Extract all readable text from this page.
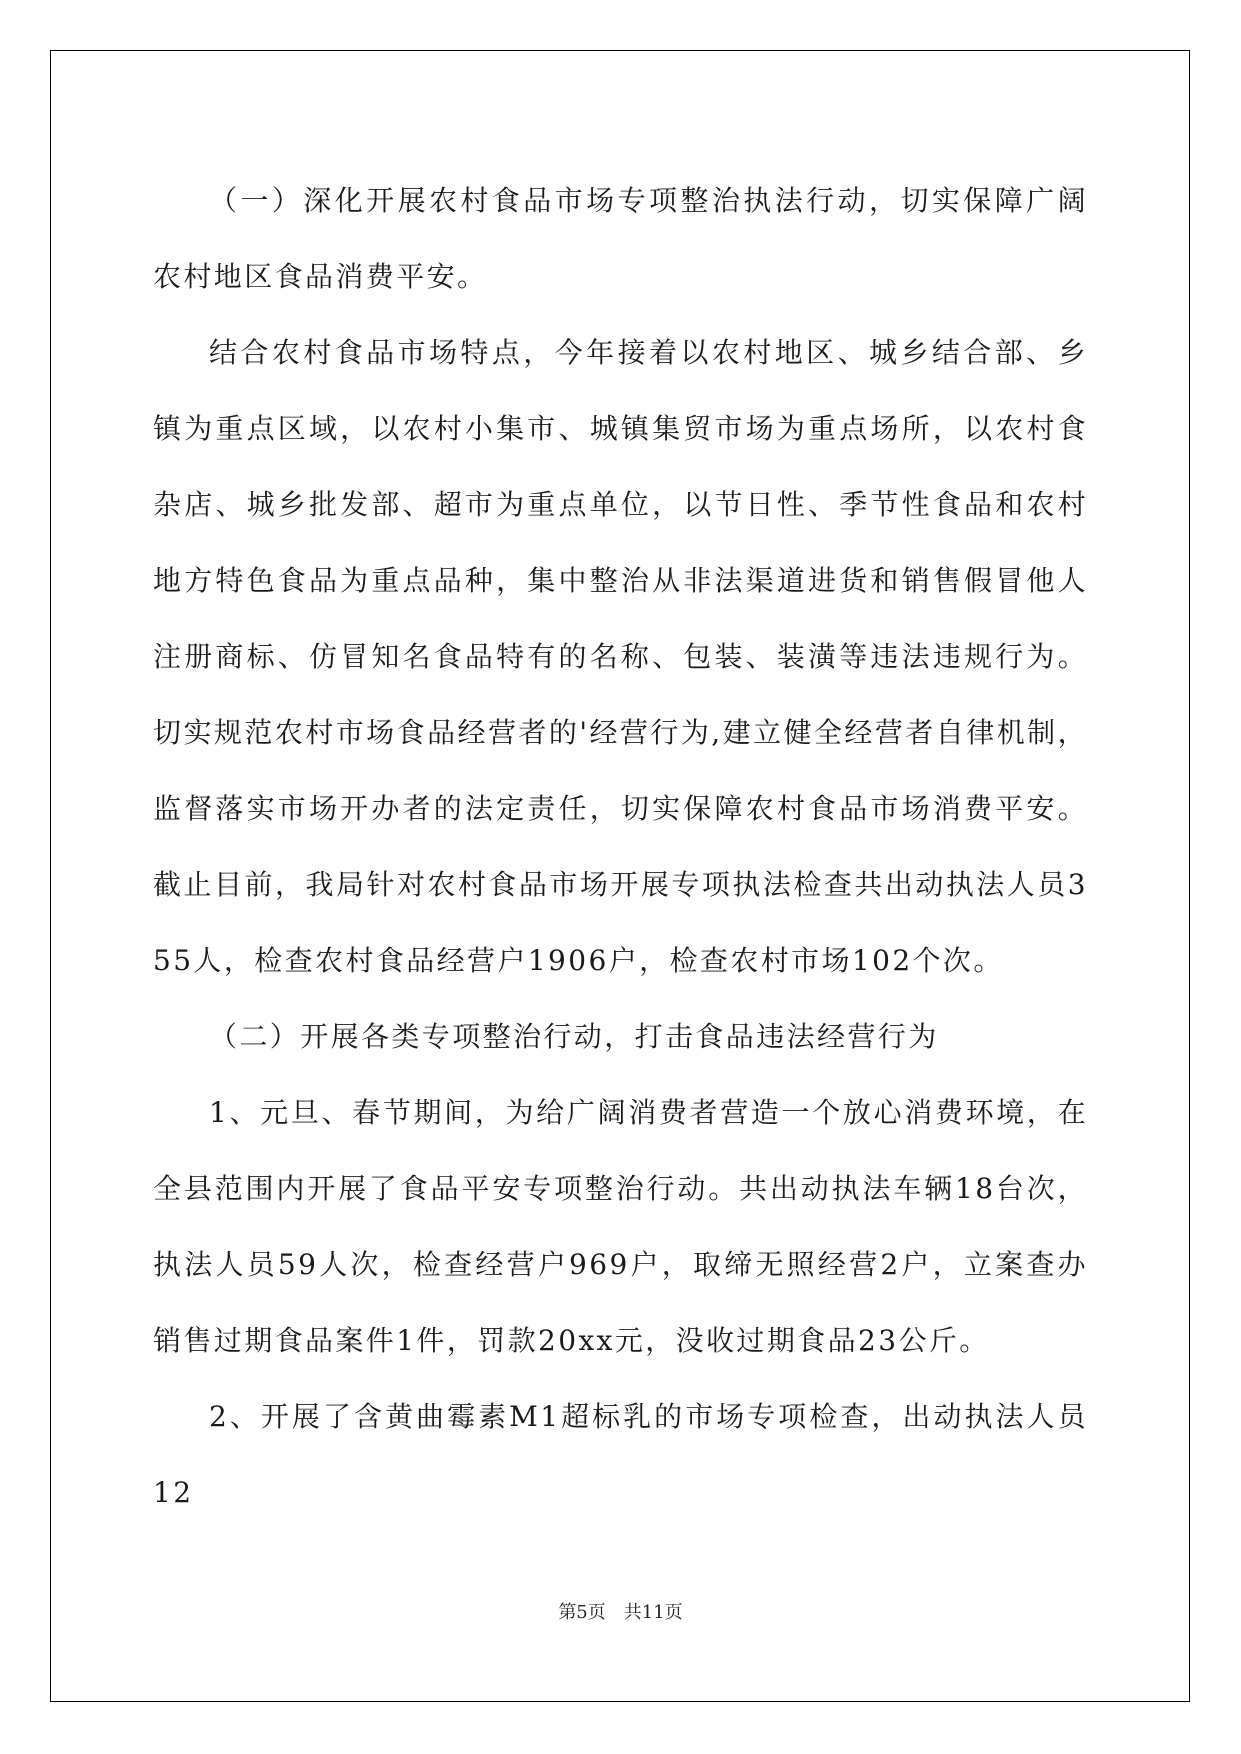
（一）深化开展农村食品市场专项整治执法行动，切实保障广阔农村地区食品消费平安。

结合农村食品市场特点，今年接着以农村地区、城乡结合部、乡镇为重点区域，以农村小集市、城镇集贸市场为重点场所，以农村食杂店、城乡批发部、超市为重点单位，以节日性、季节性食品和农村地方特色食品为重点品种，集中整治从非法渠道进货和销售假冒他人注册商标、仿冒知名食品特有的名称、包装、装潢等违法违规行为。切实规范农村市场食品经营者的'经营行为,建立健全经营者自律机制，监督落实市场开办者的法定责任，切实保障农村食品市场消费平安。截止目前，我局针对农村食品市场开展专项执法检查共出动执法人员355人，检查农村食品经营户1906户，检查农村市场102个次。

（二）开展各类专项整治行动，打击食品违法经营行为

1、元旦、春节期间，为给广阔消费者营造一个放心消费环境，在全县范围内开展了食品平安专项整治行动。共出动执法车辆18台次，执法人员59人次，检查经营户969户，取缔无照经营2户，立案查办销售过期食品案件1件，罚款20xx元，没收过期食品23公斤。

2、开展了含黄曲霉素M1超标乳的市场专项检查，出动执法人员12

第5页 共11页
